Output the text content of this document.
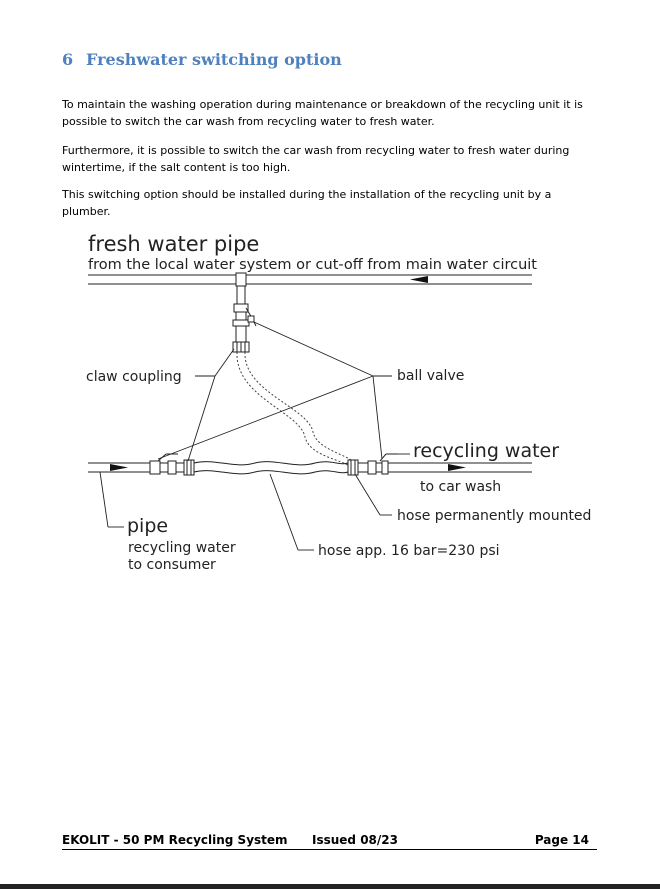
6 Freshwater switching option
To maintain the washing operation during maintenance or breakdown of the recycling unit it is possible to switch the car wash from recycling water to fresh water.
Furthermore, it is possible to switch the car wash from recycling water to fresh water during wintertime, if the salt content is too high.
This switching option should be installed during the installation of the recycling unit by a plumber.
fresh water pipe
from the local water system or cut-off from main water circuit
claw coupling	ball valve
recycling water
to car wash
hose permanently mounted
pipe
recycling water
to consumer
hose app. 16 bar=230 psi
EKOLIT - 50 PM Recycling System Issued 08/23	Page 14
